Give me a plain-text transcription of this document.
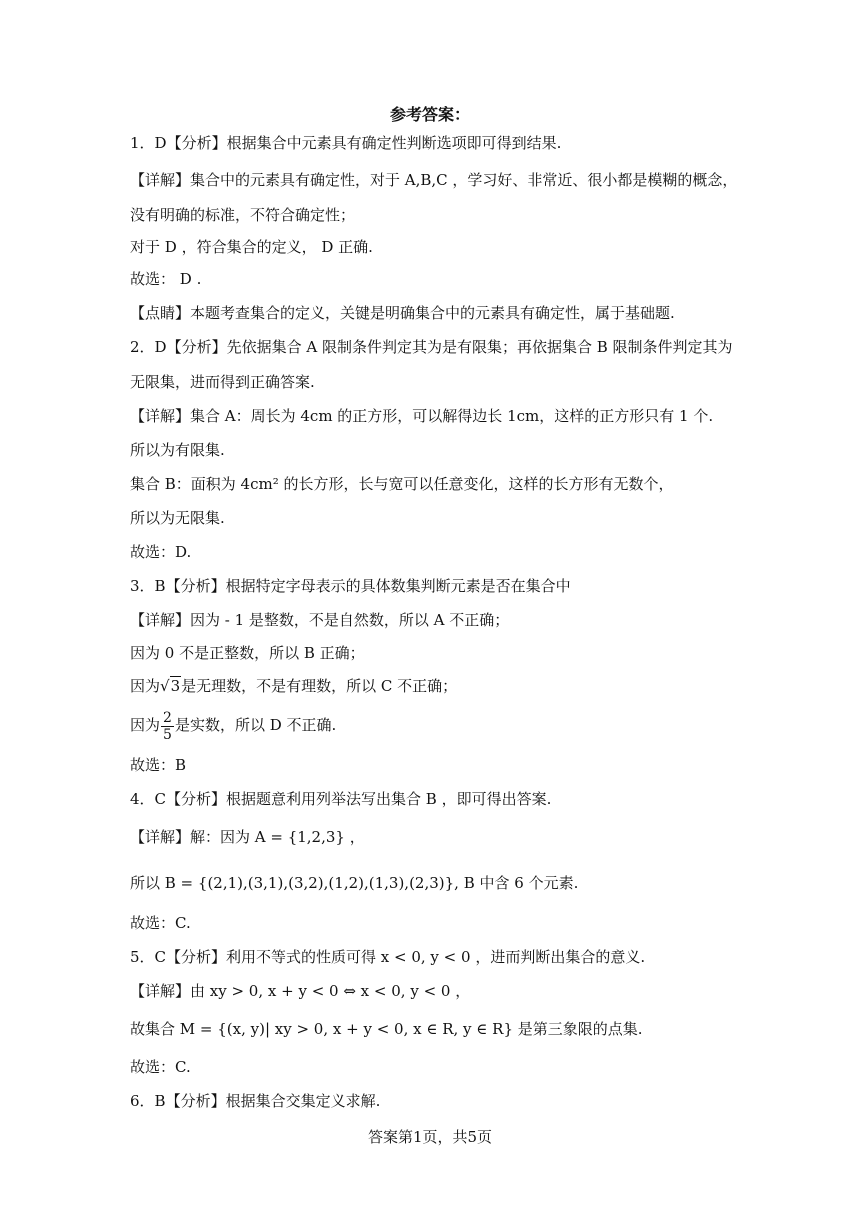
参考答案：
1．D【分析】根据集合中元素具有确定性判断选项即可得到结果.
【详解】集合中的元素具有确定性，对于 A,B,C ，学习好、非常近、很小都是模糊的概念，
没有明确的标准，不符合确定性；
对于 D ，符合集合的定义， D 正确.
故选： D .
【点睛】本题考查集合的定义，关键是明确集合中的元素具有确定性，属于基础题.
2．D【分析】先依据集合 A 限制条件判定其为是有限集；再依据集合 B 限制条件判定其为
无限集，进而得到正确答案.
【详解】集合 A：周长为 4cm 的正方形，可以解得边长 1cm，这样的正方形只有 1 个.
所以为有限集.
集合 B：面积为 4cm² 的长方形，长与宽可以任意变化，这样的长方形有无数个，
所以为无限集.
故选：D.
3．B【分析】根据特定字母表示的具体数集判断元素是否在集合中
【详解】因为 ‑ 1 是整数，不是自然数，所以 A 不正确；
因为 0 不是正整数，所以 B 正确；
因为√3是无理数，不是有理数，所以 C 不正确；
因为 $\frac{2}{5}$ 是实数，所以 D 不正确.
故选：B
4．C【分析】根据题意利用列举法写出集合 B ，即可得出答案.
【详解】解：因为 A = {1,2,3} ，
所以 B = {(2,1),(3,1),(3,2),(1,2),(1,3),(2,3)}, B 中含 6 个元素.
故选：C.
5．C【分析】利用不等式的性质可得 x < 0, y < 0 ，进而判断出集合的意义.
【详解】由 xy > 0, x + y < 0 ⇔ x < 0, y < 0 ，
故集合 M = {(x, y)| xy > 0, x + y < 0, x ∈ R, y ∈ R} 是第三象限的点集.
故选：C.
6．B【分析】根据集合交集定义求解.
答案第1页，共5页
